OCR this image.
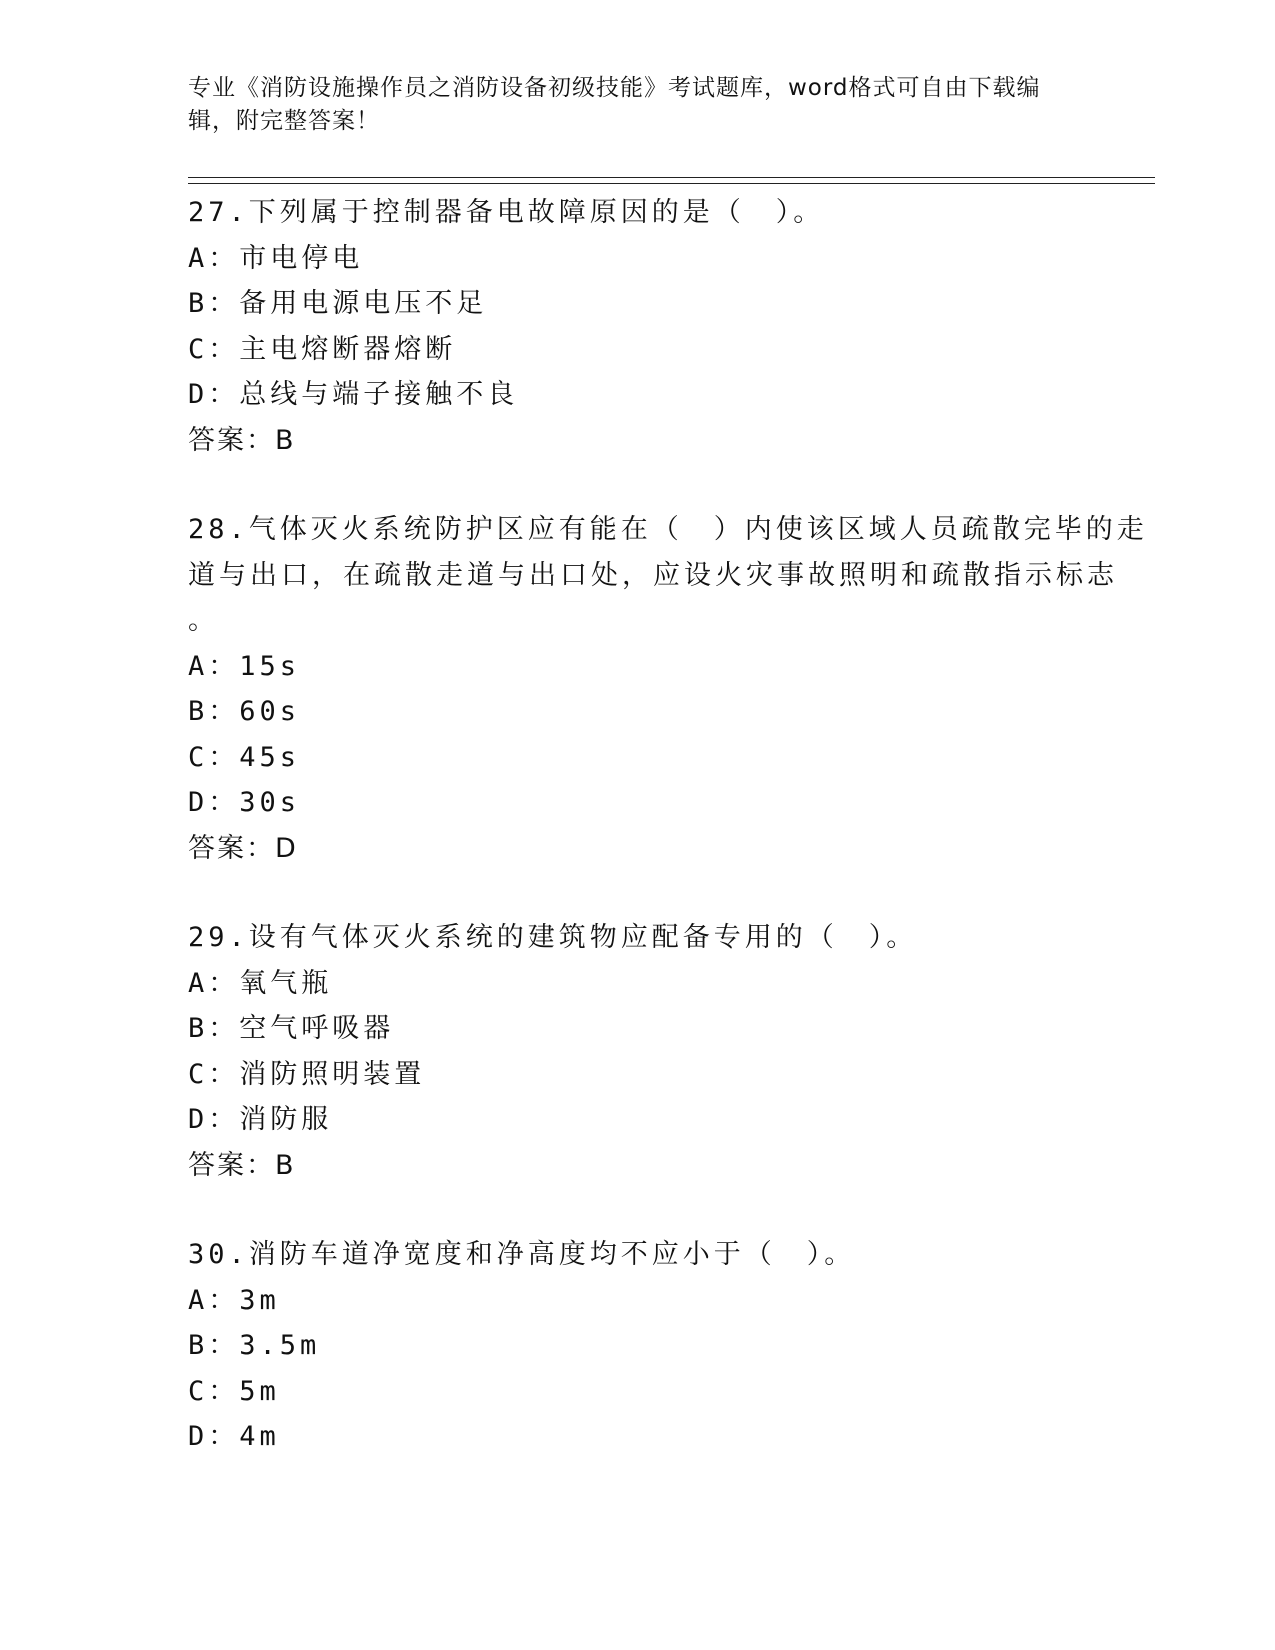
专业《消防设施操作员之消防设备初级技能》考试题库，word格式可自由下载编
辑，附完整答案！
27.下列属于控制器备电故障原因的是（　）。
A：市电停电
B：备用电源电压不足
C：主电熔断器熔断
D：总线与端子接触不良
答案：B
28.气体灭火系统防护区应有能在（　）内使该区域人员疏散完毕的走
道与出口，在疏散走道与出口处，应设火灾事故照明和疏散指示标志
。
A：15s
B：60s
C：45s
D：30s
答案：D
29.设有气体灭火系统的建筑物应配备专用的（　）。
A：氧气瓶
B：空气呼吸器
C：消防照明装置
D：消防服
答案：B
30.消防车道净宽度和净高度均不应小于（　）。
A：3m
B：3.5m
C：5m
D：4m
